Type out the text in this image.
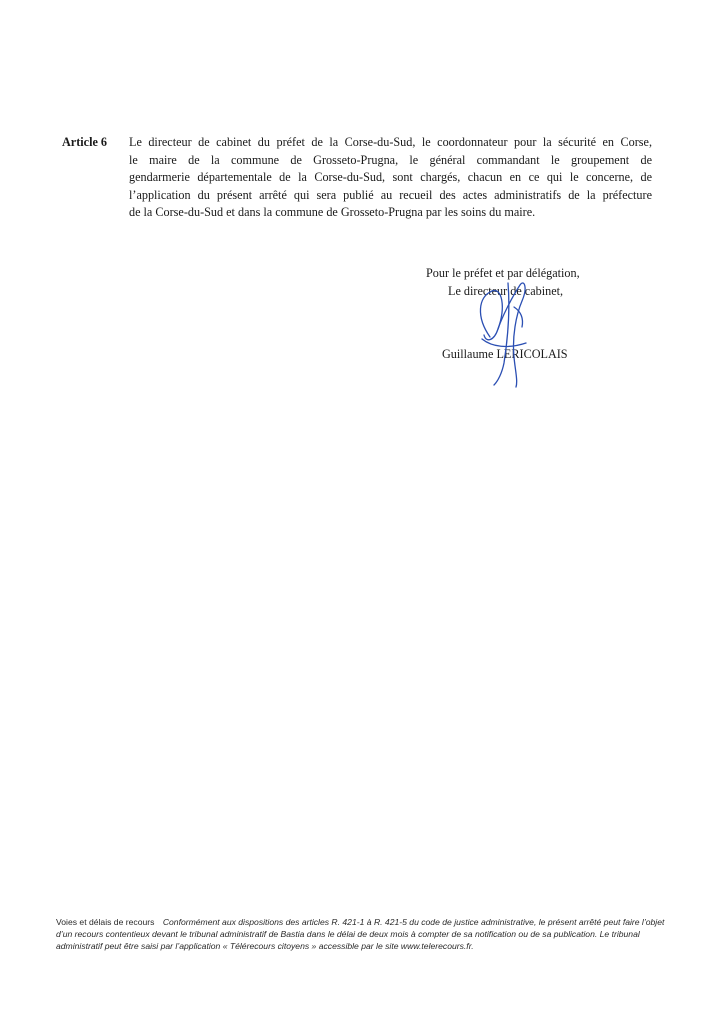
Article 6	Le directeur de cabinet du préfet de la Corse-du-Sud, le coordonnateur pour la sécurité en Corse,
le maire de la commune de Grosseto-Prugna, le général commandant le groupement de
gendarmerie départementale de la Corse-du-Sud, sont chargés, chacun en ce qui le concerne, de
l’application du présent arrêté qui sera publié au recueil des actes administratifs de la préfecture
de la Corse-du-Sud et dans la commune de Grosseto-Prugna par les soins du maire.
Pour le préfet et par délégation,
Le directeur de cabinet,
Guillaume LERICOLAIS
Voies et délais de recours Conformément aux dispositions des articles R. 421-1 à R. 421-5 du code de justice administrative, le présent arrêté peut faire l’objet d’un recours contentieux devant le tribunal administratif de Bastia dans le délai de deux mois à compter de sa notification ou de sa publication. Le tribunal administratif peut être saisi par l’application « Télérecours citoyens » accessible par le site www.telerecours.fr.
